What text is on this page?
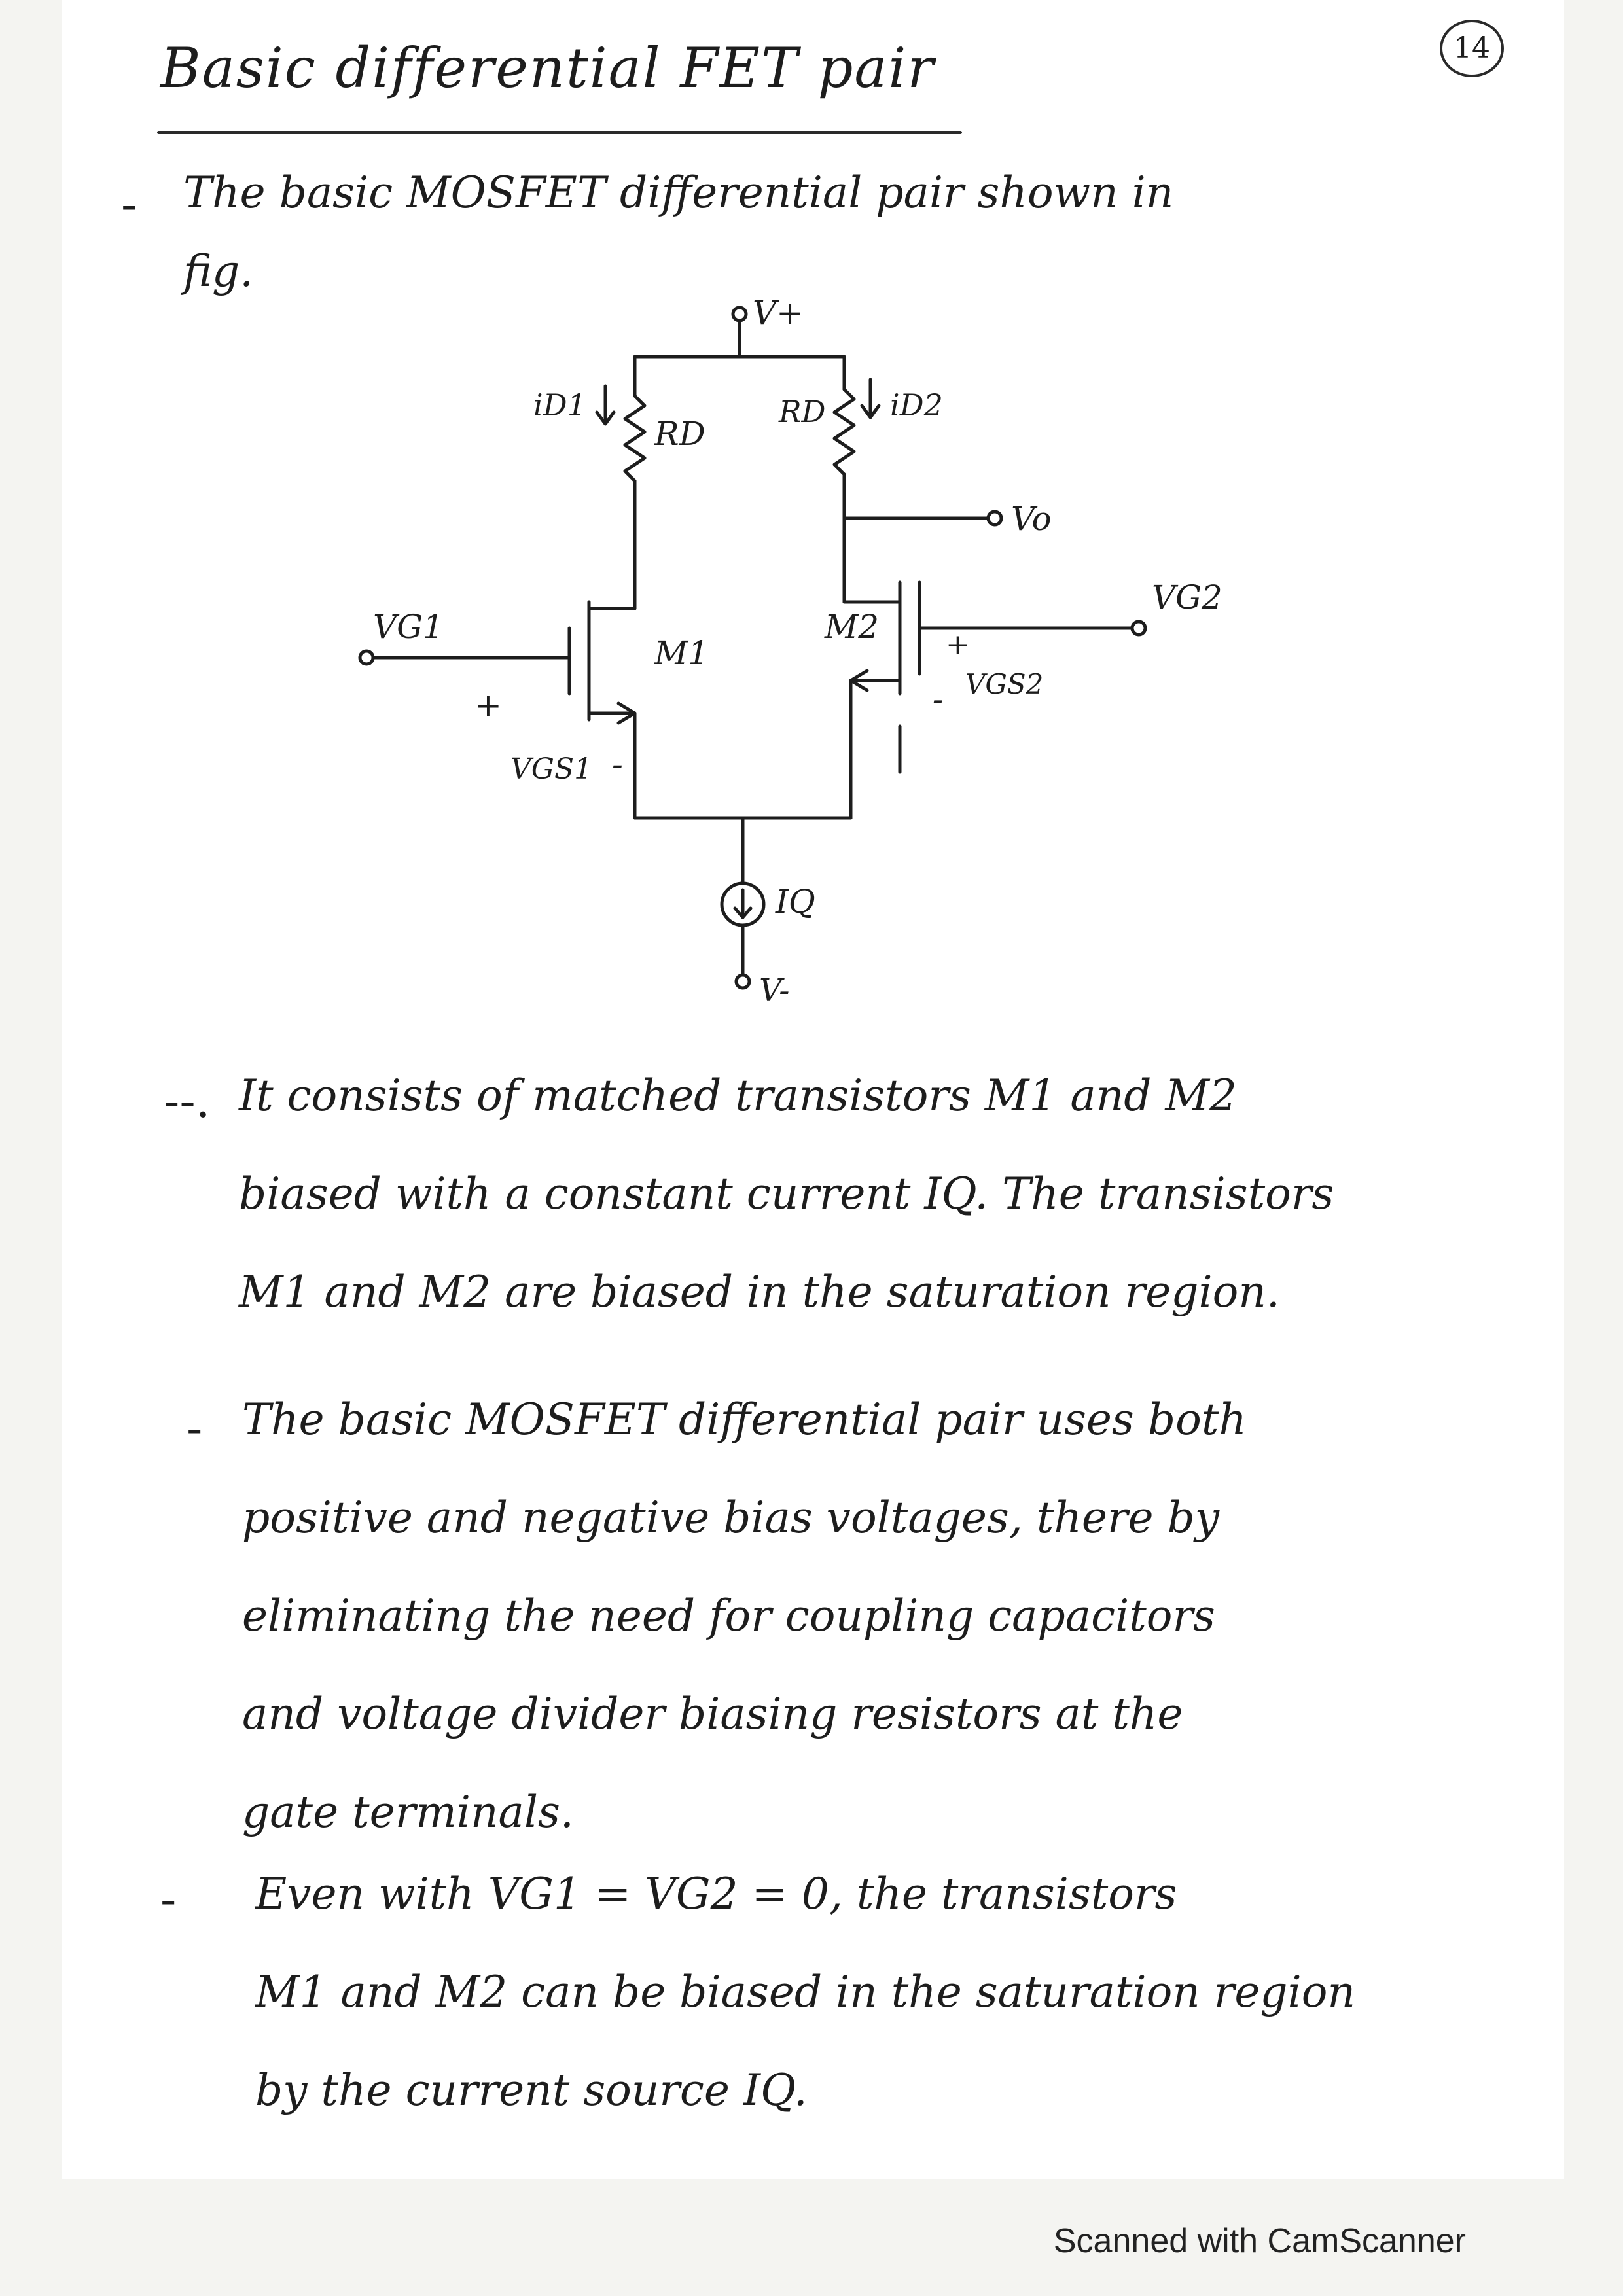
14
Basic differential FET pair
- The basic MOSFET differential pair shown in
fig.
V+
iD1
RD
RD iD2
Vo
VG2
M2
VG1
M1	+
VGS2
-
+
VGS1 -
IQ
V-
--. It consists of matched transistors M1 and M2
biased with a constant current IQ. The transistors
M1 and M2 are biased in the saturation region.
- The basic MOSFET differential pair uses both
positive and negative bias voltages, there by
eliminating the need for coupling capacitors
and voltage divider biasing resistors at the
gate terminals.
- Even with VG1 = VG2 = 0, the transistors
M1 and M2 can be biased in the saturation region
by the current source IQ.
Scanned with CamScanner
